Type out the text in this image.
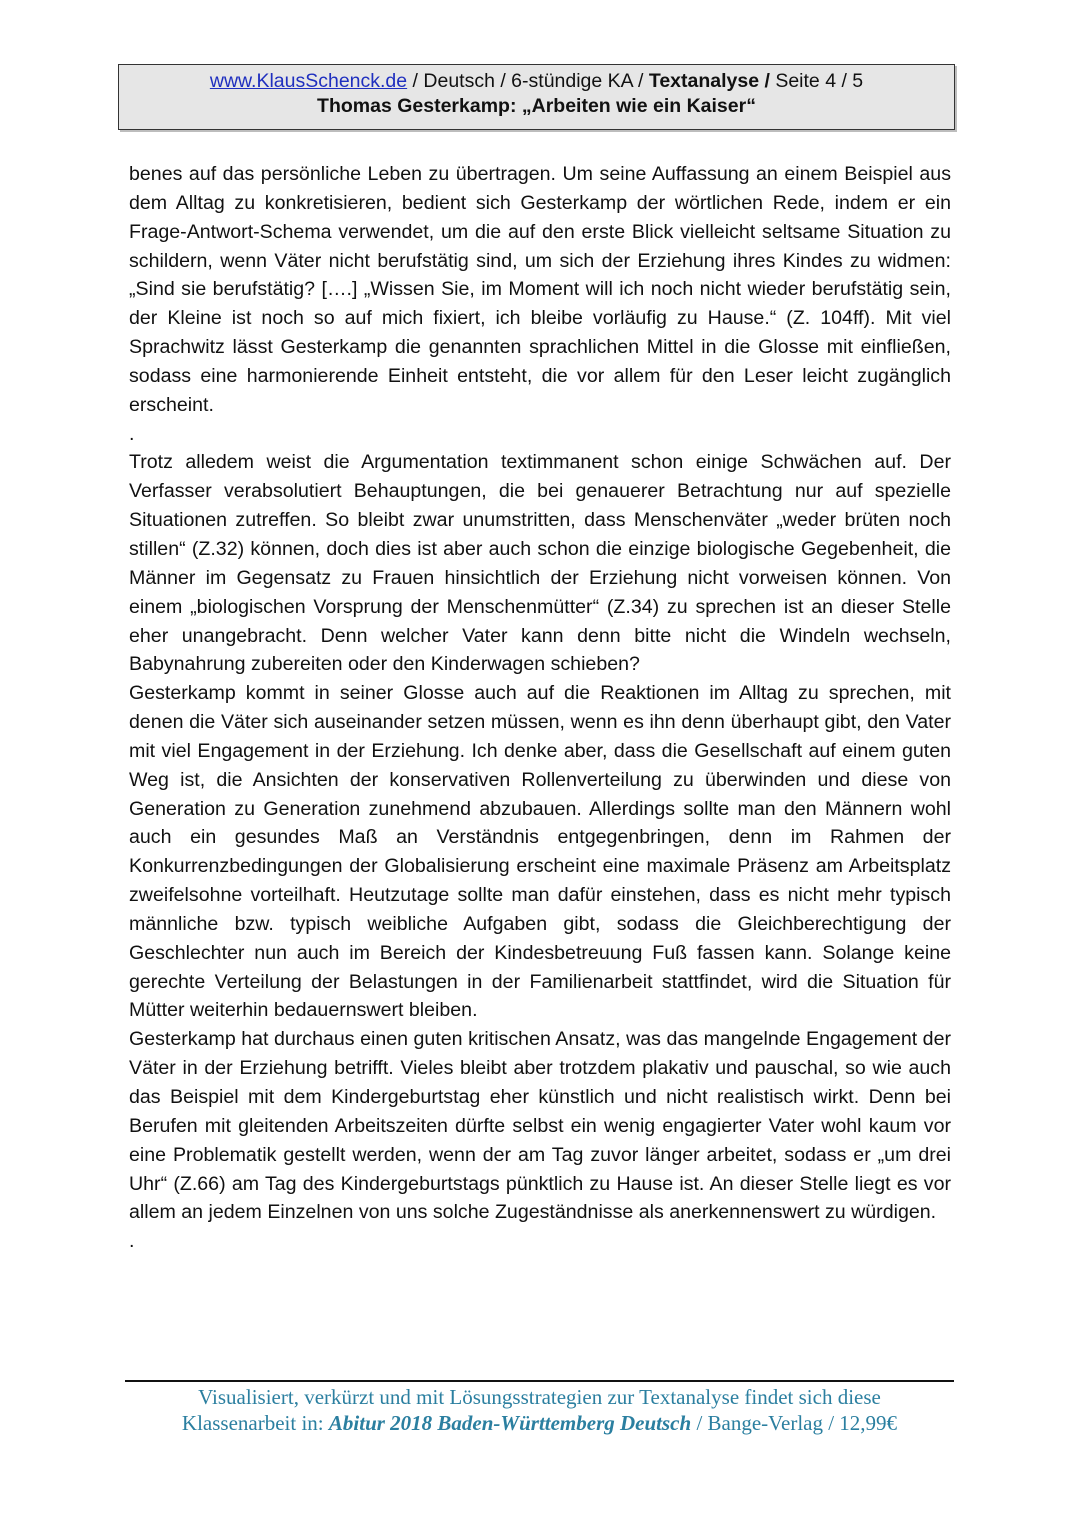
www.KlausSchenck.de / Deutsch / 6-stündige KA / Textanalyse / Seite 4 / 5
Thomas Gesterkamp: „Arbeiten wie ein Kaiser“

benes auf das persönliche Leben zu übertragen. Um seine Auffassung an einem Beispiel aus dem Alltag zu konkretisieren, bedient sich Gesterkamp der wörtlichen Rede, indem er ein Frage-Antwort-Schema verwendet, um die auf den erste Blick vielleicht seltsame Situation zu schildern, wenn Väter nicht berufstätig sind, um sich der Erziehung ihres Kindes zu widmen: „Sind sie berufstätig? [….] „Wissen Sie, im Moment will ich noch nicht wieder berufstätig sein, der Kleine ist noch so auf mich fixiert, ich bleibe vorläufig zu Hause.“ (Z. 104ff). Mit viel Sprachwitz lässt Gesterkamp die genannten sprachlichen Mittel in die Glosse mit einfließen, sodass eine harmonierende Einheit entsteht, die vor allem für den Leser leicht zugänglich erscheint.

.

Trotz alledem weist die Argumentation textimmanent schon einige Schwächen auf. Der Verfasser verabsolutiert Behauptungen, die bei genauerer Betrachtung nur auf spezielle Situationen zutreffen. So bleibt zwar unumstritten, dass Menschenväter „weder brüten noch stillen“ (Z.32) können, doch dies ist aber auch schon die einzige biologische Gegebenheit, die Männer im Gegensatz zu Frauen hinsichtlich der Erziehung nicht vorweisen können. Von einem „biologischen Vorsprung der Menschenmütter“ (Z.34) zu sprechen ist an dieser Stelle eher unangebracht. Denn welcher Vater kann denn bitte nicht die Windeln wechseln, Babynahrung zubereiten oder den Kinderwagen schieben?

Gesterkamp kommt in seiner Glosse auch auf die Reaktionen im Alltag zu sprechen, mit denen die Väter sich auseinander setzen müssen, wenn es ihn denn überhaupt gibt, den Vater mit viel Engagement in der Erziehung. Ich denke aber, dass die Gesellschaft auf einem guten Weg ist, die Ansichten der konservativen Rollenverteilung zu überwinden und diese von Generation zu Generation zunehmend abzubauen. Allerdings sollte man den Männern wohl auch ein gesundes Maß an Verständnis entgegenbringen, denn im Rahmen der Konkurrenzbedingungen der Globalisierung erscheint eine maximale Präsenz am Arbeitsplatz zweifelsohne vorteilhaft. Heutzutage sollte man dafür einstehen, dass es nicht mehr typisch männliche bzw. typisch weibliche Aufgaben gibt, sodass die Gleichberechtigung der Geschlechter nun auch im Bereich der Kindesbetreuung Fuß fassen kann. Solange keine gerechte Verteilung der Belastungen in der Familienarbeit stattfindet, wird die Situation für Mütter weiterhin bedauernswert bleiben.

Gesterkamp hat durchaus einen guten kritischen Ansatz, was das mangelnde Engagement der Väter in der Erziehung betrifft. Vieles bleibt aber trotzdem plakativ und pauschal, so wie auch das Beispiel mit dem Kindergeburtstag eher künstlich und nicht realistisch wirkt. Denn bei Berufen mit gleitenden Arbeitszeiten dürfte selbst ein wenig engagierter Vater wohl kaum vor eine Problematik gestellt werden, wenn der am Tag zuvor länger arbeitet, sodass er „um drei Uhr“ (Z.66) am Tag des Kindergeburtstags pünktlich zu Hause ist. An dieser Stelle liegt es vor allem an jedem Einzelnen von uns solche Zugeständnisse als anerkennenswert zu würdigen.

.

Visualisiert, verkürzt und mit Lösungsstrategien zur Textanalyse findet sich diese
Klassenarbeit in: Abitur 2018 Baden-Württemberg Deutsch / Bange-Verlag / 12,99€
